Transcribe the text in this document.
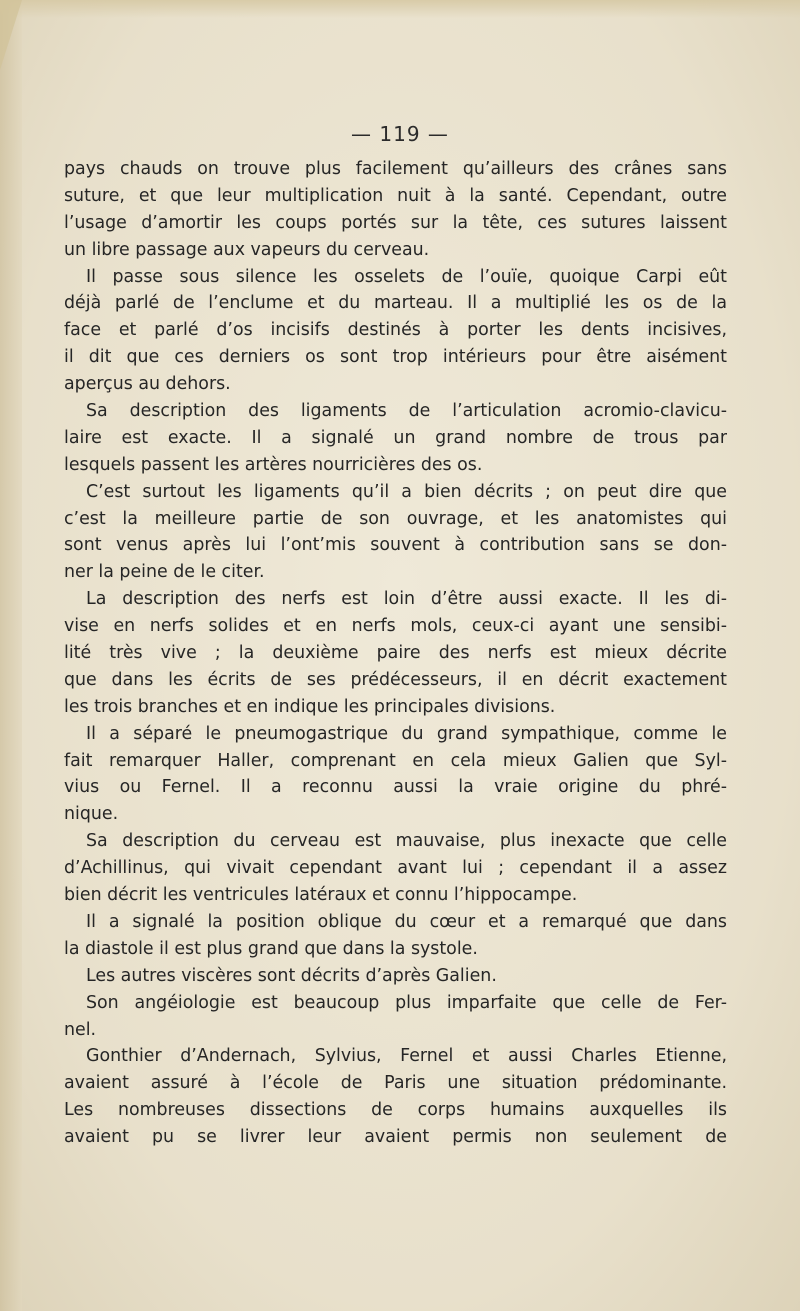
— 119 —
pays chauds on trouve plus facilement qu’ailleurs des crânes sans
suture, et que leur multiplication nuit à la santé. Cependant, outre
l’usage d’amortir les coups portés sur la tête, ces sutures laissent
un libre passage aux vapeurs du cerveau.
Il passe sous silence les osselets de l’ouïe, quoique Carpi eût
déjà parlé de l’enclume et du marteau. Il a multiplié les os de la
face et parlé d’os incisifs destinés à porter les dents incisives,
il dit que ces derniers os sont trop intérieurs pour être aisément
aperçus au dehors.
Sa description des ligaments de l’articulation acromio-clavicu-
laire est exacte. Il a signalé un grand nombre de trous par
lesquels passent les artères nourricières des os.
C’est surtout les ligaments qu’il a bien décrits ; on peut dire que
c’est la meilleure partie de son ouvrage, et les anatomistes qui
sont venus après lui l’ont’mis souvent à contribution sans se don-
ner la peine de le citer.
La description des nerfs est loin d’être aussi exacte. Il les di-
vise en nerfs solides et en nerfs mols, ceux-ci ayant une sensibi-
lité très vive ; la deuxième paire des nerfs est mieux décrite
que dans les écrits de ses prédécesseurs, il en décrit exactement
les trois branches et en indique les principales divisions.
Il a séparé le pneumogastrique du grand sympathique, comme le
fait remarquer Haller, comprenant en cela mieux Galien que Syl-
vius ou Fernel. Il a reconnu aussi la vraie origine du phré-
nique.
Sa description du cerveau est mauvaise, plus inexacte que celle
d’Achillinus, qui vivait cependant avant lui ; cependant il a assez
bien décrit les ventricules latéraux et connu l’hippocampe.
Il a signalé la position oblique du cœur et a remarqué que dans
la diastole il est plus grand que dans la systole.
Les autres viscères sont décrits d’après Galien.
Son angéiologie est beaucoup plus imparfaite que celle de Fer-
nel.
Gonthier d’Andernach, Sylvius, Fernel et aussi Charles Etienne,
avaient assuré à l’école de Paris une situation prédominante.
Les nombreuses dissections de corps humains auxquelles ils
avaient pu se livrer leur avaient permis non seulement de
